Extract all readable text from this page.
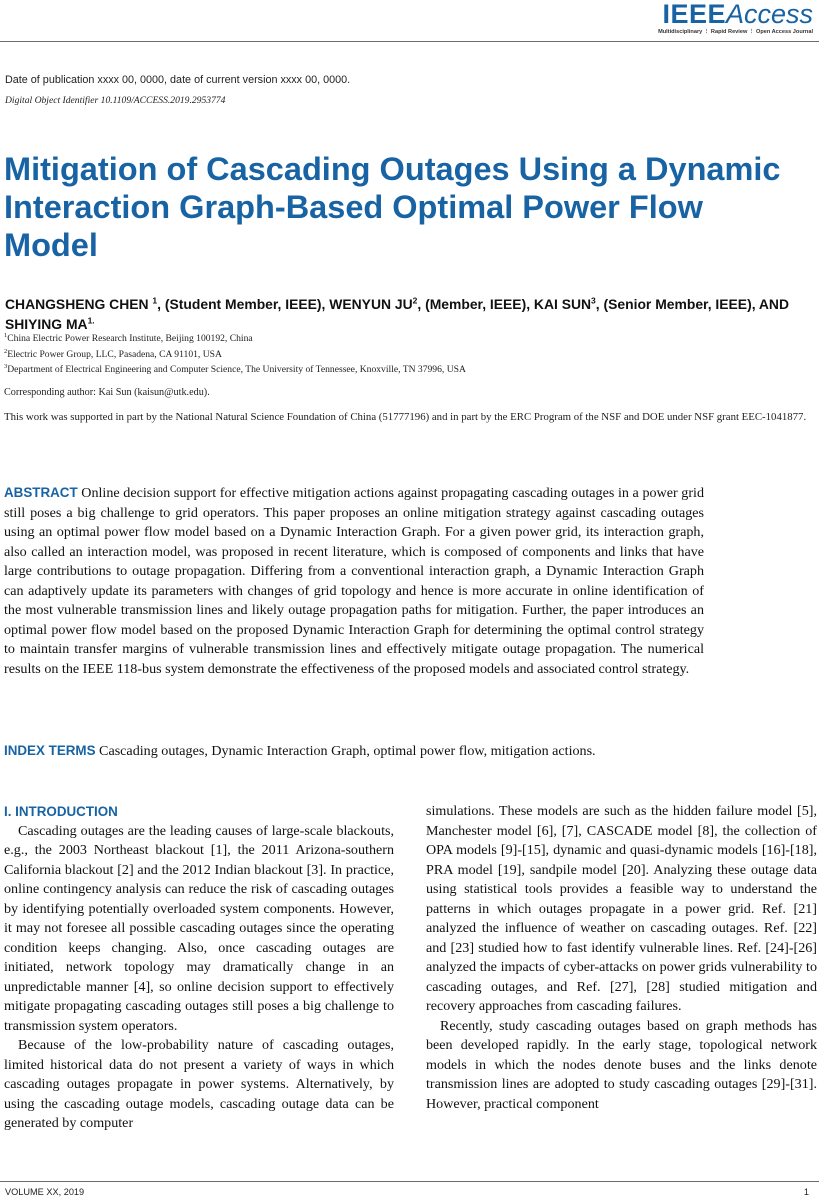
IEEEAccess
Multidisciplinary ⋮ Rapid Review ⋮ Open Access Journal
Date of publication xxxx 00, 0000, date of current version xxxx 00, 0000.
Digital Object Identifier 10.1109/ACCESS.2019.2953774
Mitigation of Cascading Outages Using a Dynamic Interaction Graph-Based Optimal Power Flow Model
CHANGSHENG CHEN $^1$, (Student Member, IEEE), WENYUN $JU^2$, (Member, IEEE), KAI SUN$^3$, (Senior Member, IEEE), AND SHIYING $MA^{1.}$
$^1$China Electric Power Research Institute, Beijing 100192, China
$^2$Electric Power Group, LLC, Pasadena, CA 91101, USA
$^3$Department of Electrical Engineering and Computer Science, The University of Tennessee, Knoxville, TN 37996, USA
Corresponding author: Kai Sun (kaisun@utk.edu).
This work was supported in part by the National Natural Science Foundation of China (51777196) and in part by the ERC Program of the NSF and DOE under NSF grant EEC-1041877.

ABSTRACT Online decision support for effective mitigation actions against propagating cascading outages in a power grid still poses a big challenge to grid operators. This paper proposes an online mitigation strategy against cascading outages using an optimal power flow model based on a Dynamic Interaction Graph. For a given power grid, its interaction graph, also called an interaction model, was proposed in recent literature, which is composed of components and links that have large contributions to outage propagation. Differing from a conventional interaction graph, a Dynamic Interaction Graph can adaptively update its parameters with changes of grid topology and hence is more accurate in online identification of the most vulnerable transmission lines and likely outage propagation paths for mitigation. Further, the paper introduces an optimal power flow model based on the proposed Dynamic Interaction Graph for determining the optimal control strategy to maintain transfer margins of vulnerable transmission lines and effectively mitigate outage propagation. The numerical results on the IEEE 118-bus system demonstrate the effectiveness of the proposed models and associated control strategy.

INDEX TERMS Cascading outages, Dynamic Interaction Graph, optimal power flow, mitigation actions.

I. INTRODUCTION

Cascading outages are the leading causes of large-scale blackouts, e.g., the 2003 Northeast blackout [1], the 2011 Arizona-southern California blackout [2] and the 2012 Indian blackout [3]. In practice, online contingency analysis can reduce the risk of cascading outages by identifying potentially overloaded system components. However, it may not foresee all possible cascading outages since the operating condition keeps changing. Also, once cascading outages are initiated, network topology may dramatically change in an unpredictable manner [4], so online decision support to effectively mitigate propagating cascading outages still poses a big challenge to transmission system operators.

Because of the low-probability nature of cascading outages, limited historical data do not present a variety of ways in which cascading outages propagate in power systems. Alternatively, by using the cascading outage models, cascading outage data can be generated by computer

simulations. These models are such as the hidden failure model [5], Manchester model [6], [7], CASCADE model [8], the collection of OPA models [9]-[15], dynamic and quasi-dynamic models [16]-[18], PRA model [19], sandpile model [20]. Analyzing these outage data using statistical tools provides a feasible way to understand the patterns in which outages propagate in a power grid. Ref. [21] analyzed the influence of weather on cascading outages. Ref. [22] and [23] studied how to fast identify vulnerable lines. Ref. [24]-[26] analyzed the impacts of cyber-attacks on power grids vulnerability to cascading outages, and Ref. [27], [28] studied mitigation and recovery approaches from cascading failures.

Recently, study cascading outages based on graph methods has been developed rapidly. In the early stage, topological network models in which the nodes denote buses and the links denote transmission lines are adopted to study cascading outages [29]-[31]. However, practical component

VOLUME XX, 2019	1
